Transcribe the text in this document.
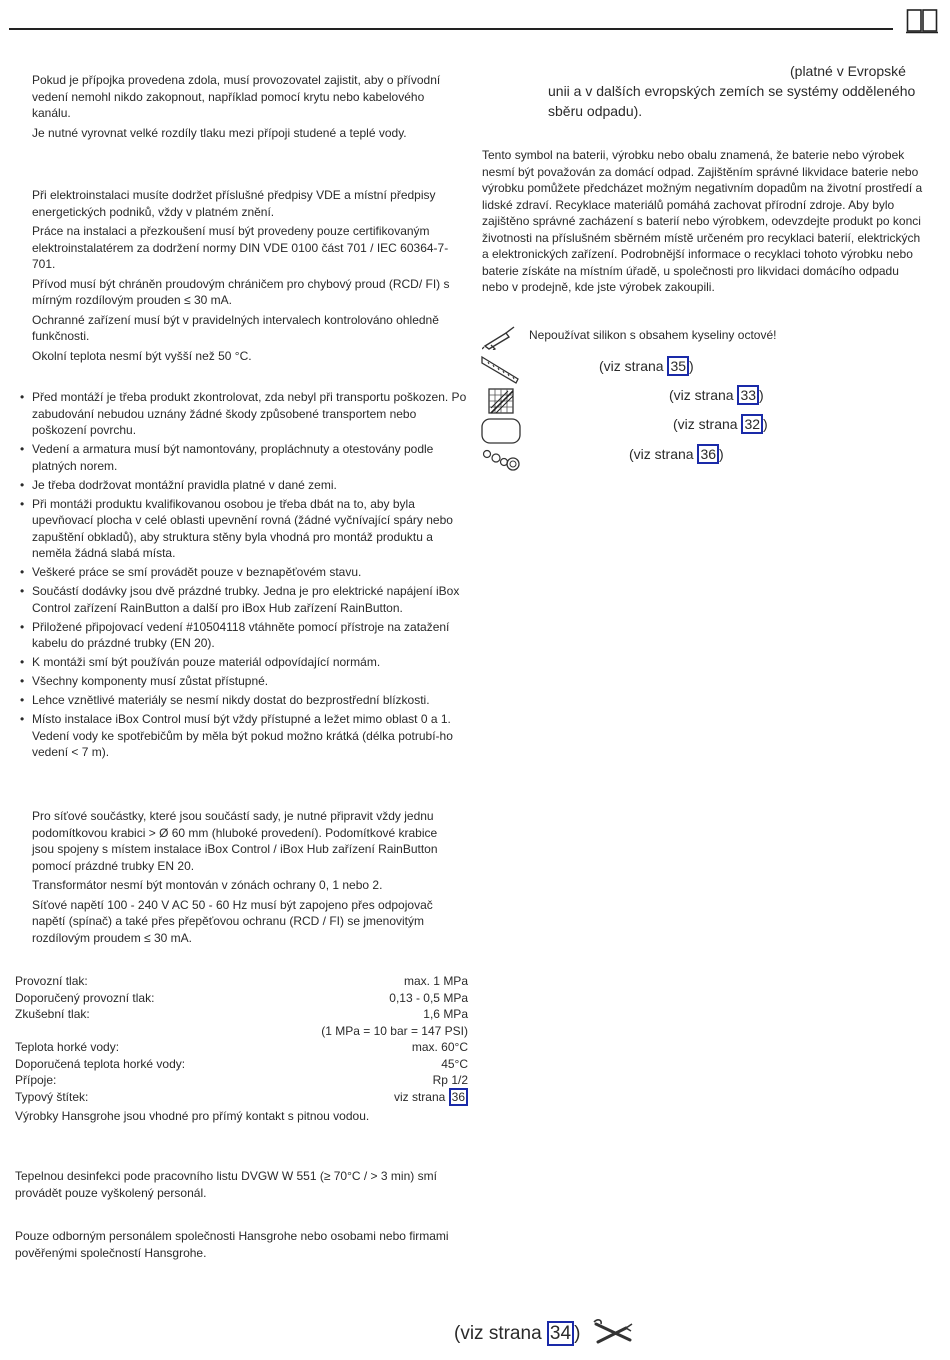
Pokud je přípojka provedena zdola, musí provozovatel zajistit, aby o přívodní vedení nemohl nikdo zakopnout, například pomocí krytu nebo kabelového kanálu.

Je nutné vyrovnat velké rozdíly tlaku mezi přípoji studené a teplé vody.

Při elektroinstalaci musíte dodržet příslušné předpisy VDE a místní předpisy energetických podniků, vždy v platném znění.

Práce na instalaci a přezkoušení musí být provedeny pouze certifikovaným elektroinstalatérem za dodržení normy DIN VDE 0100 část 701 / IEC 60364-7-701.

Přívod musí být chráněn proudovým chráničem pro chybový proud (RCD/ FI) s mírným rozdílovým prouden ≤ 30 mA.

Ochranné zařízení musí být v pravidelných intervalech kontrolováno ohledně funkčnosti.

Okolní teplota nesmí být vyšší než 50 °C.

• Před montáží je třeba produkt zkontrolovat, zda nebyl při transportu poškozen. Po zabudování nebudou uznány žádné škody způsobené transportem nebo poškození povrchu.
• Vedení a armatura musí být namontovány, propláchnuty a otestovány podle platných norem.
• Je třeba dodržovat montážní pravidla platné v dané zemi.
• Při montáži produktu kvalifikovanou osobou je třeba dbát na to, aby byla upevňovací plocha v celé oblasti upevnění rovná (žádné vyčnívající spáry nebo zapuštění obkladů), aby struktura stěny byla vhodná pro montáž produktu a neměla žádná slabá místa.
• Veškeré práce se smí provádět pouze v beznapěťovém stavu.
• Součástí dodávky jsou dvě prázdné trubky. Jedna je pro elektrické napájení iBox Control zařízení RainButton a další pro iBox Hub zařízení RainButton.
• Přiložené připojovací vedení #10504118 vtáhněte pomocí přístroje na zatažení kabelu do prázdné trubky (EN 20).
• K montáži smí být používán pouze materiál odpovídající normám.
• Všechny komponenty musí zůstat přístupné.
• Lehce vznětlivé materiály se nesmí nikdy dostat do bezprostřední blízkosti.
• Místo instalace iBox Control musí být vždy přístupné a ležet mimo oblast 0 a 1. Vedení vody ke spotřebičům by měla být pokud možno krátká (délka potrubí-ho vedení < 7 m).

Pro síťové součástky, které jsou součástí sady, je nutné připravit vždy jednu podomítkovou krabici > Ø 60 mm (hluboké provedení). Podomítkové krabice jsou spojeny s místem instalace iBox Control / iBox Hub zařízení RainButton pomocí prázdné trubky EN 20.

Transformátor nesmí být montován v zónách ochrany 0, 1 nebo 2.

Síťové napětí 100 - 240 V AC 50 - 60 Hz musí být zapojeno přes odpojovač napětí (spínač) a také přes přepěťovou ochranu (RCD / FI) se jmenovitým rozdílovým proudem ≤ 30 mA.

Provozní tlak:	max. 1 MPa
Doporučený provozní tlak:	0,13 - 0,5 MPa
Zkušební tlak:	1,6 MPa
(1 MPa = 10 bar = 147 PSI)
Teplota horké vody:	max. 60°C
Doporučená teplota horké vody:	45°C
Přípoje:	Rp 1/2
Typový štítek:	viz strana 36

Výrobky Hansgrohe jsou vhodné pro přímý kontakt s pitnou vodou.

Tepelnou desinfekci pode pracovního listu DVGW W 551 (≥ 70°C / > 3 min) smí provádět pouze vyškolený personál.
Pouze odborným personálem společnosti Hansgrohe nebo osobami nebo firmami pověřenými společností Hansgrohe.
(platné v Evropské
unii a v dalších evropských zemích se systémy odděleného
sběru odpadu).
Tento symbol na baterii, výrobku nebo obalu znamená, že baterie nebo výrobek nesmí být považován za domácí odpad. Zajištěním správné likvidace baterie nebo výrobku pomůžete předcházet možným negativním dopadům na životní prostředí a lidské zdraví. Recyklace materiálů pomáhá zachovat přírodní zdroje. Aby bylo zajištěno správné zacházení s baterií nebo výrobkem, odevzdejte produkt po konci životnosti na příslušném sběrném místě určeném pro recyklaci baterií, elektrických a elektronických zařízení. Podrobnější informace o recyklaci tohoto výrobku nebo baterie získáte na místním úřadě, u společnosti pro likvidaci domácího odpadu nebo v prodejně, kde jste výrobek zakoupili.
Nepoužívat silikon s obsahem kyseliny octové!
(viz strana 35 )
(viz strana 33 )
(viz strana 32 )
(viz strana 36 )
(viz strana 34 )
